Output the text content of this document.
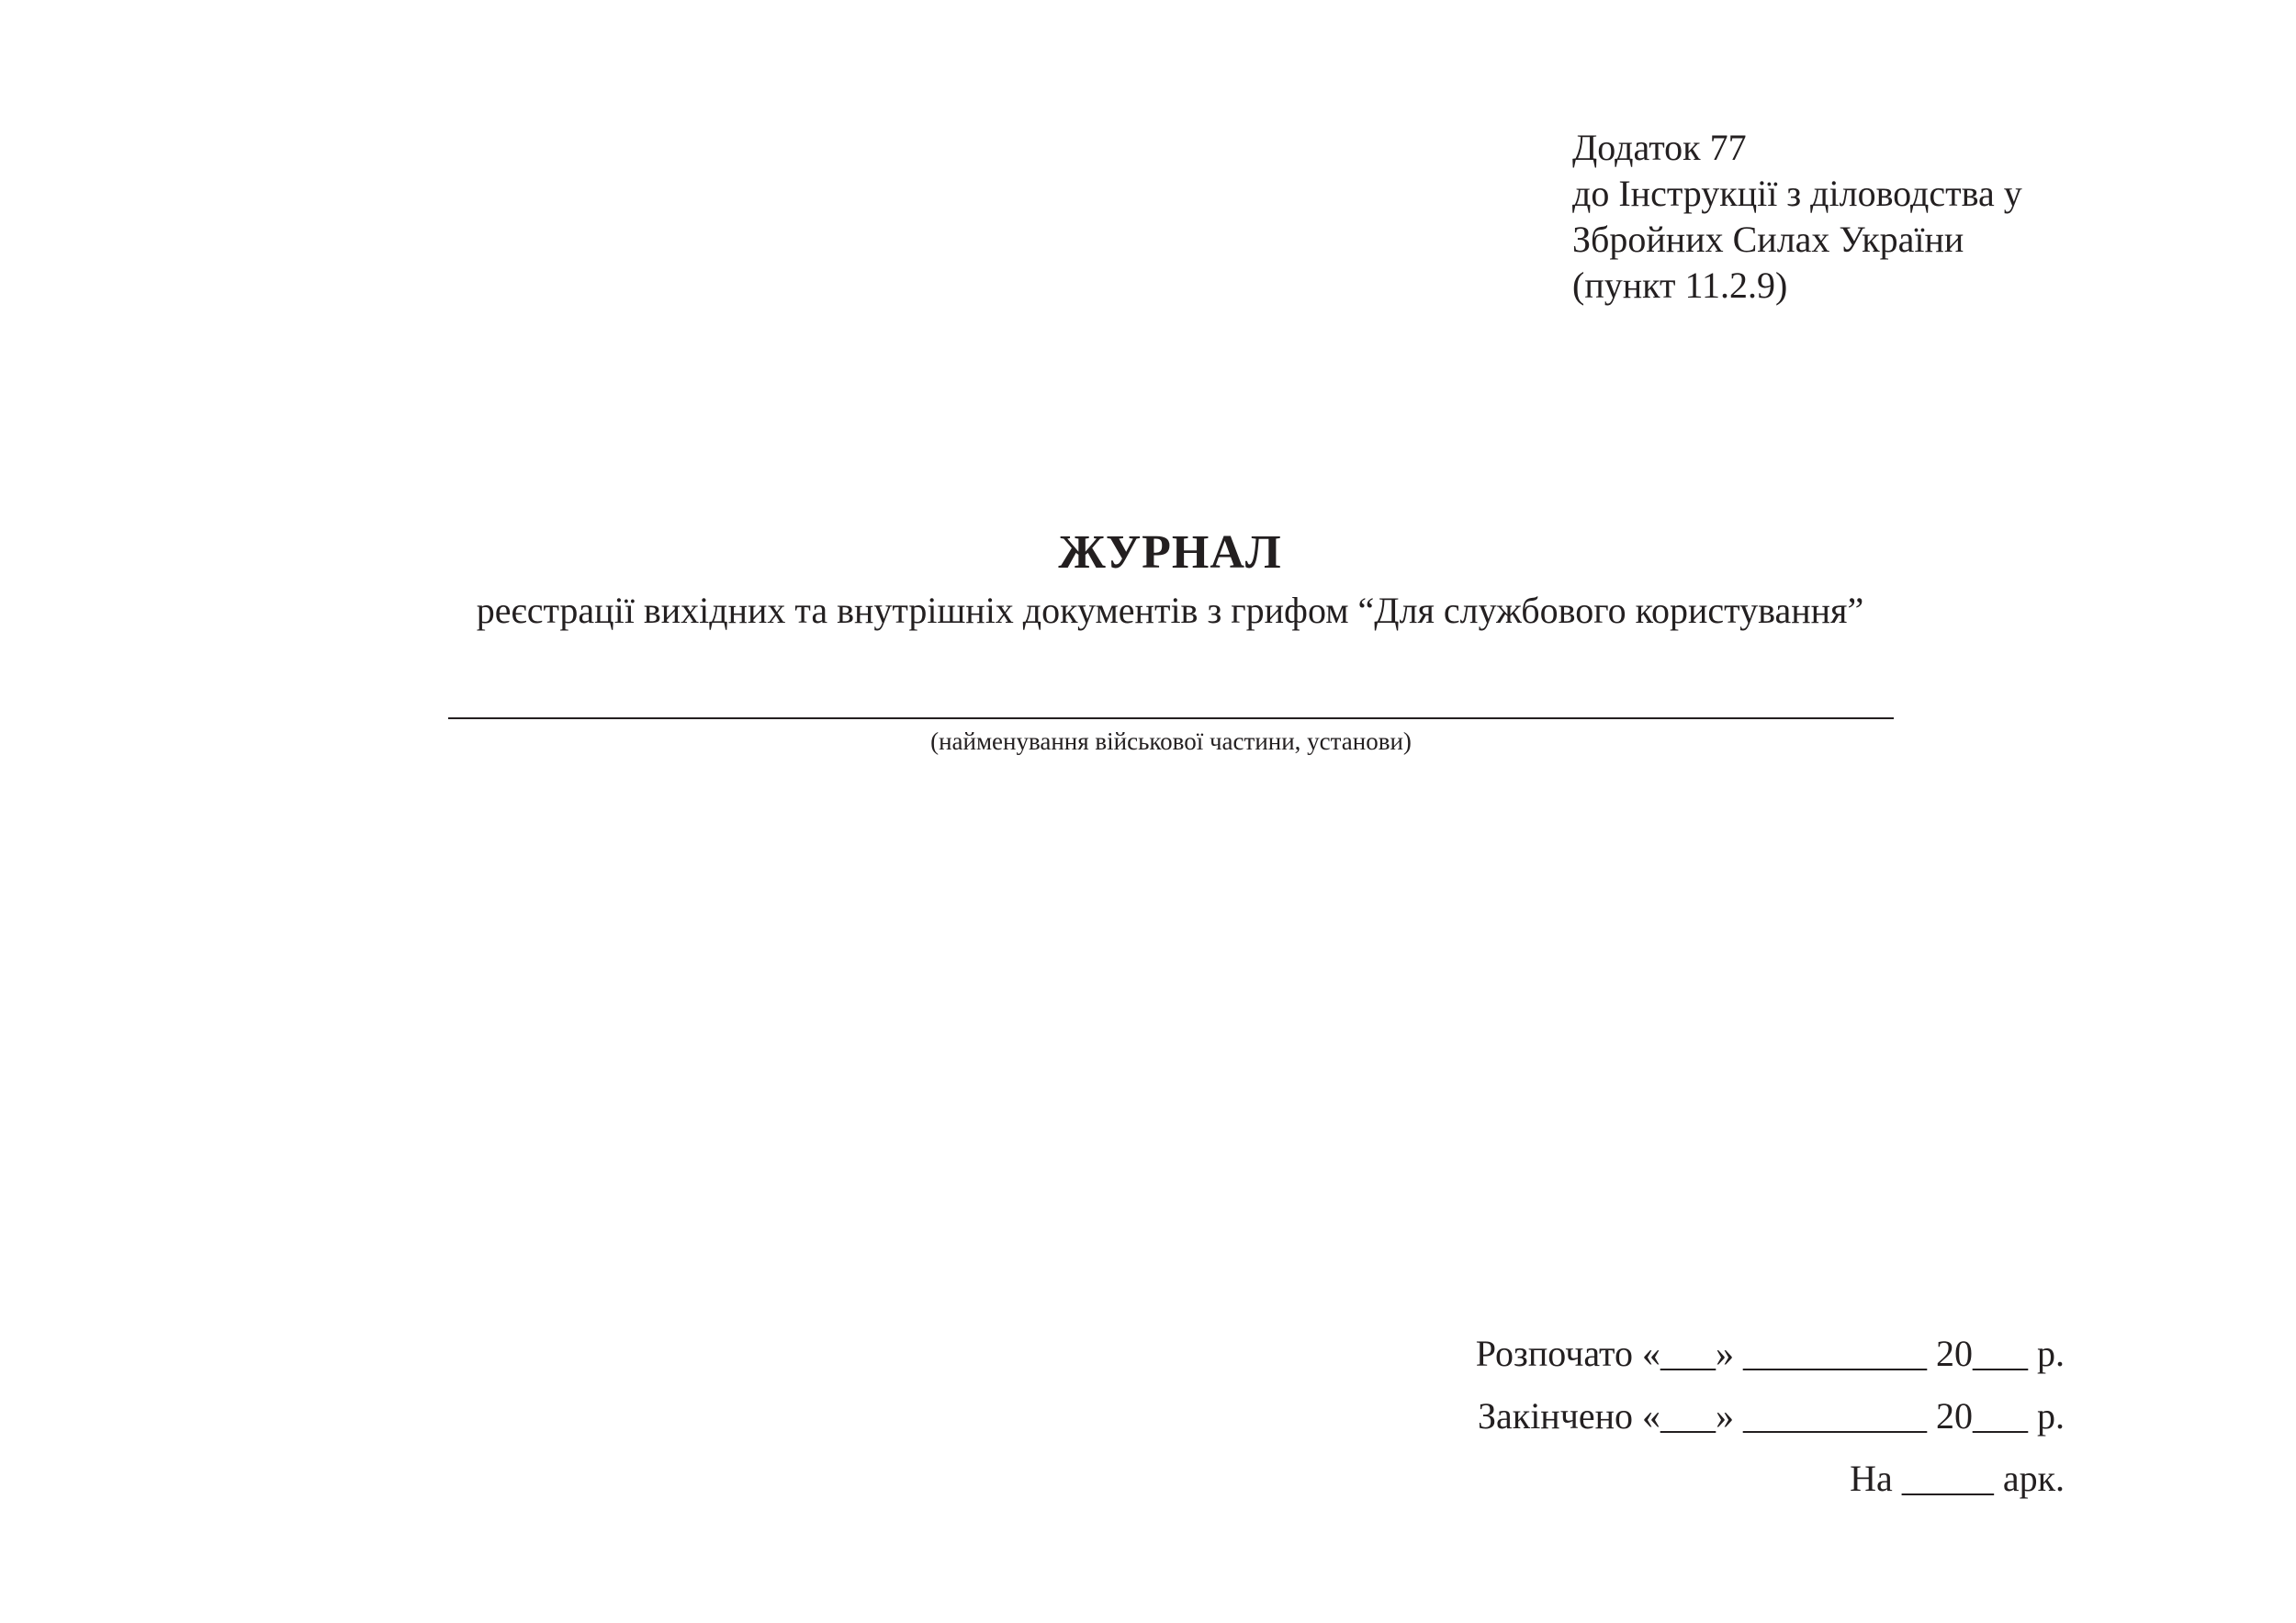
Додаток 77
до Інструкції з діловодства у
Збройних Силах України
(пункт 11.2.9)
ЖУРНАЛ
реєстрації вихідних та внутрішніх документів з грифом “Для службового користування”
(найменування військової частини, установи)
Розпочато «___» __________ 20___ р.
Закінчено «___» __________ 20___ р.
На _____ арк.
